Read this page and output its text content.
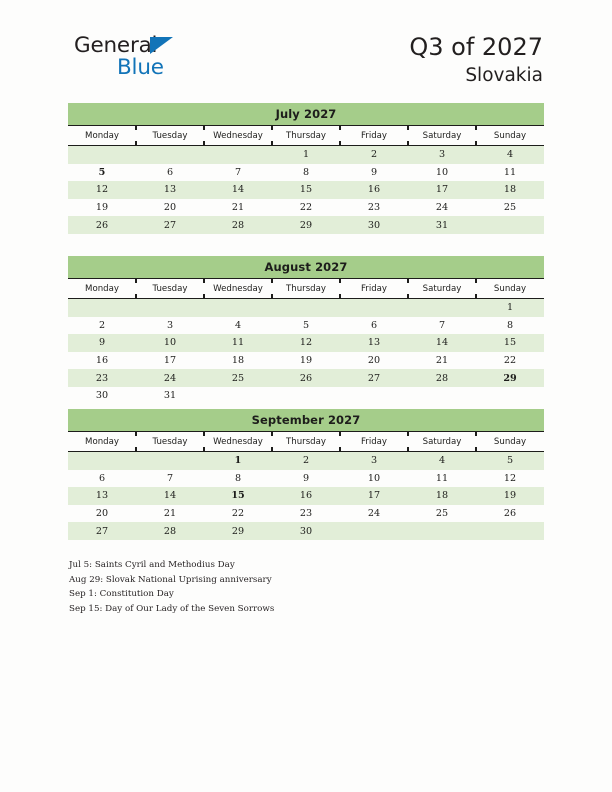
General
Blue
Q3 of 2027
Slovakia
July 2027
Monday	Tuesday	Wednesday	Thursday	Friday	Saturday	Sunday
			1	2	3	4
5	6	7	8	9	10	11
12	13	14	15	16	17	18
19	20	21	22	23	24	25
26	27	28	29	30	31	
August 2027
Monday	Tuesday	Wednesday	Thursday	Friday	Saturday	Sunday
						1
2	3	4	5	6	7	8
9	10	11	12	13	14	15
16	17	18	19	20	21	22
23	24	25	26	27	28	29
30	31					
September 2027
Monday	Tuesday	Wednesday	Thursday	Friday	Saturday	Sunday
		1	2	3	4	5
6	7	8	9	10	11	12
13	14	15	16	17	18	19
20	21	22	23	24	25	26
27	28	29	30			
Jul 5: Saints Cyril and Methodius Day
Aug 29: Slovak National Uprising anniversary
Sep 1: Constitution Day
Sep 15: Day of Our Lady of the Seven Sorrows
